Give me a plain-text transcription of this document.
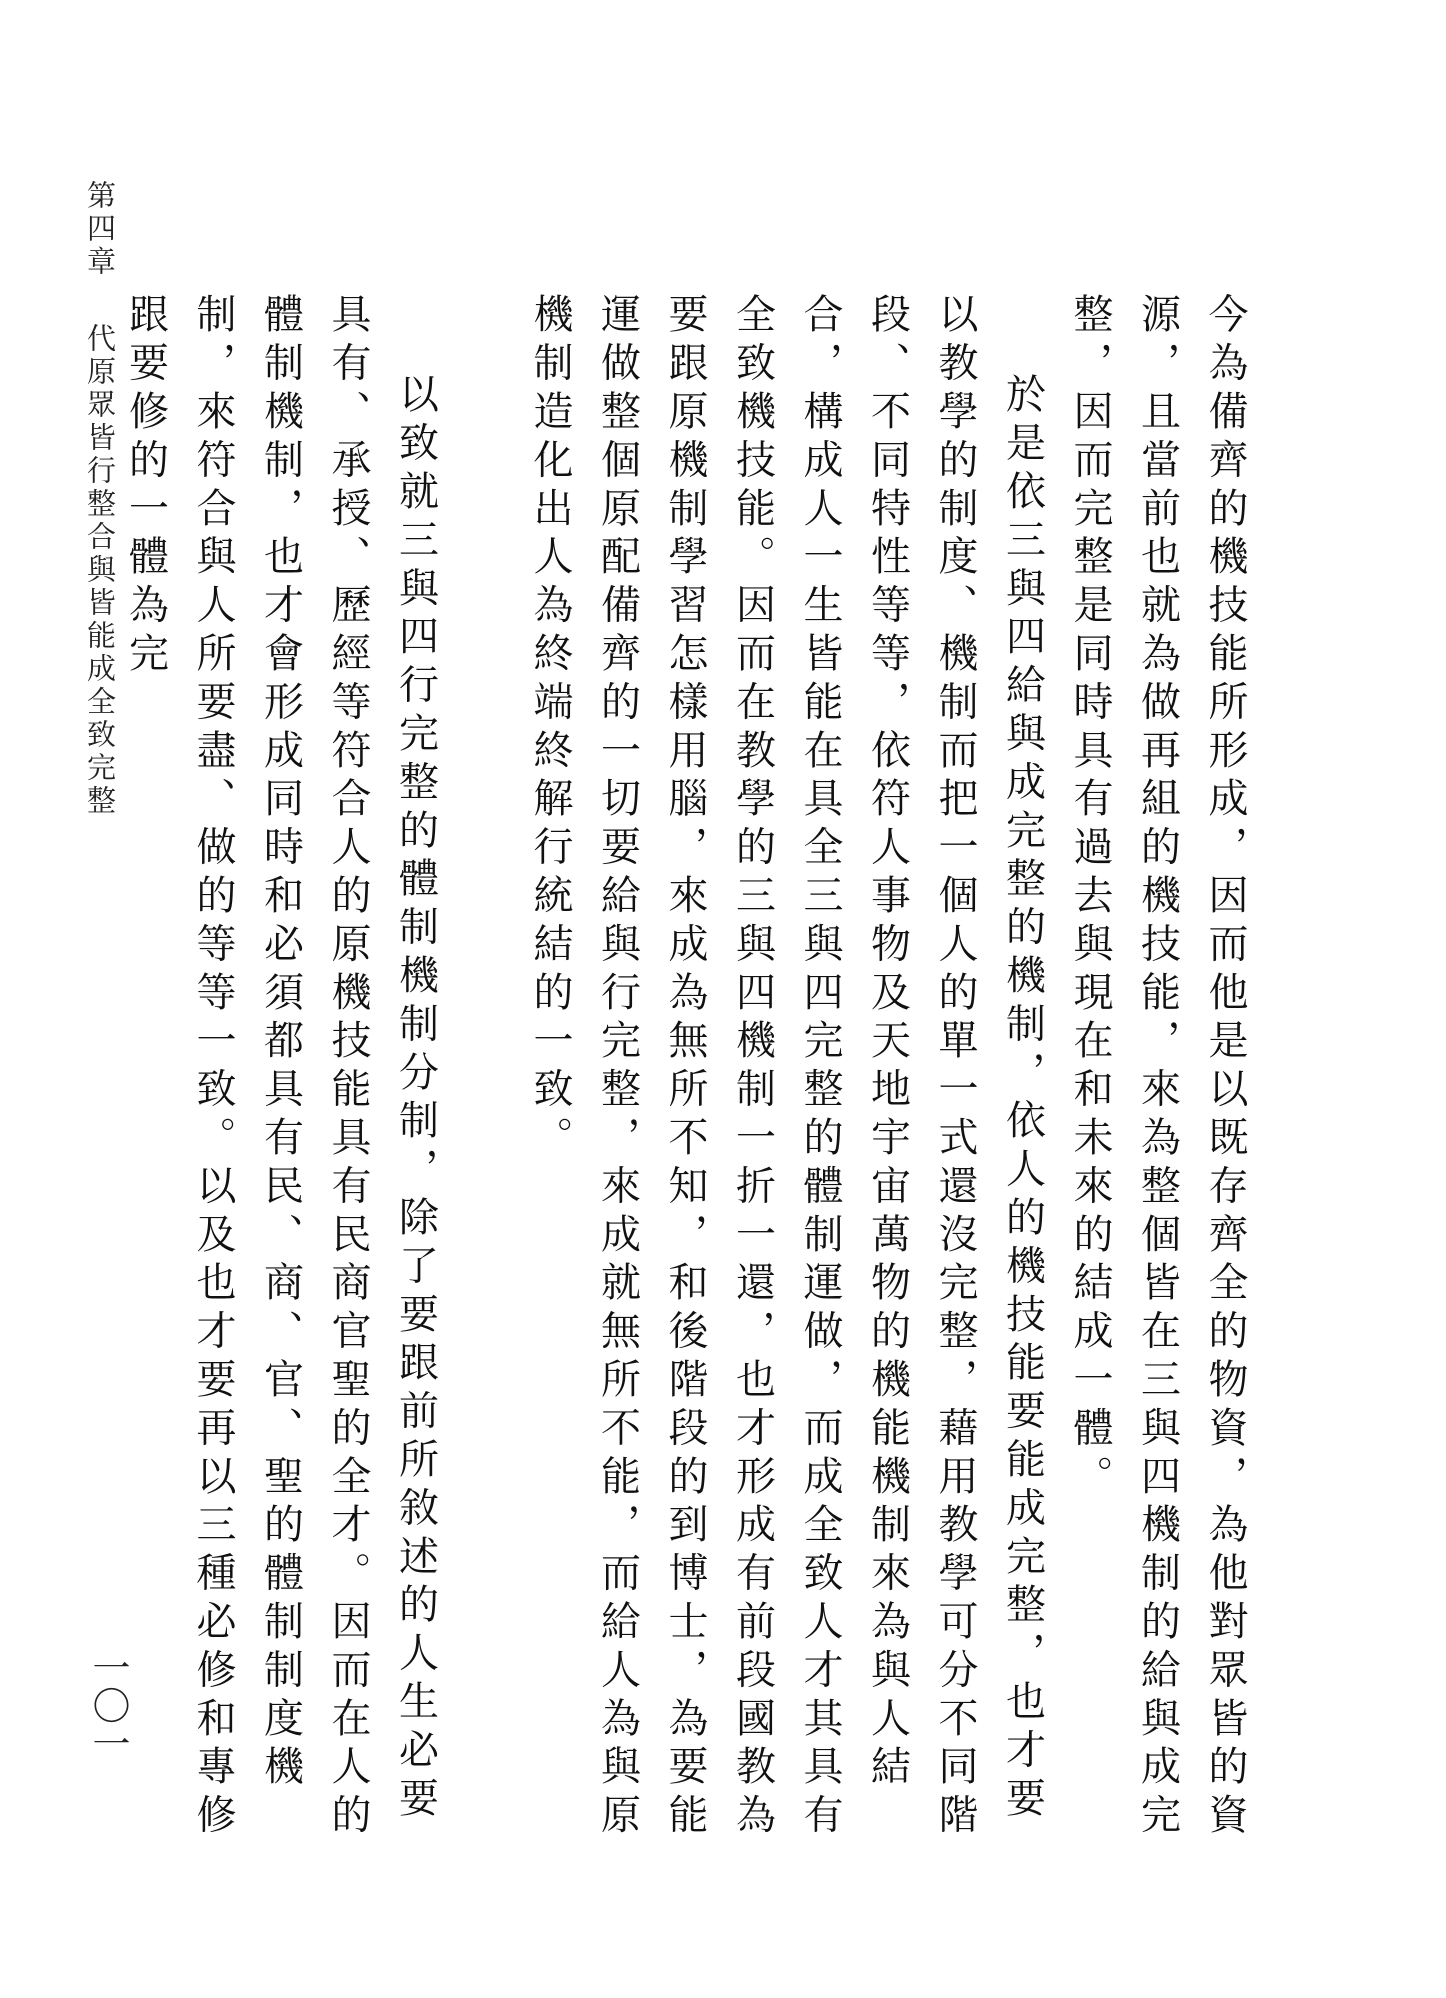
第四章代原眾皆行整合與皆能成全致完整
一〇一	今為備齊的機技能所形成，因而他是以既存齊全的物資，為他對眾皆的資源，且當前也就為做再組的機技能，來為整個皆在三與四機制的給與成完整，因而完整是同時具有過去與現在和未來的結成一體。

於是依三與四給與成完整的機制，依人的機技能要能成完整，也才要以教學的制度、機制而把一個人的單一式還沒完整，藉用教學可分不同階段、不同特性等等，依符人事物及天地宇宙萬物的機能機制來為與人結合，構成人一生皆能在具全三與四完整的體制運做，而成全致人才其具有全致機技能。因而在教學的三與四機制一折一還，也才形成有前段國教為要跟原機制學習怎樣用腦，來成為無所不知，和後階段的到博士，為要能運做整個原配備齊的一切要給與行完整，來成就無所不能，而給人為與原機制造化出人為終端終解行統結的一致。

以致就三與四行完整的體制機制分制，除了要跟前所敘述的人生必要具有、承授、歷經等符合人的原機技能具有民商官聖的全才。因而在人的體制機制，也才會形成同時和必須都具有民、商、官、聖的體制制度機制，來符合與人所要盡、做的等等一致。以及也才要再以三種必修和專修跟要修的一體為完
